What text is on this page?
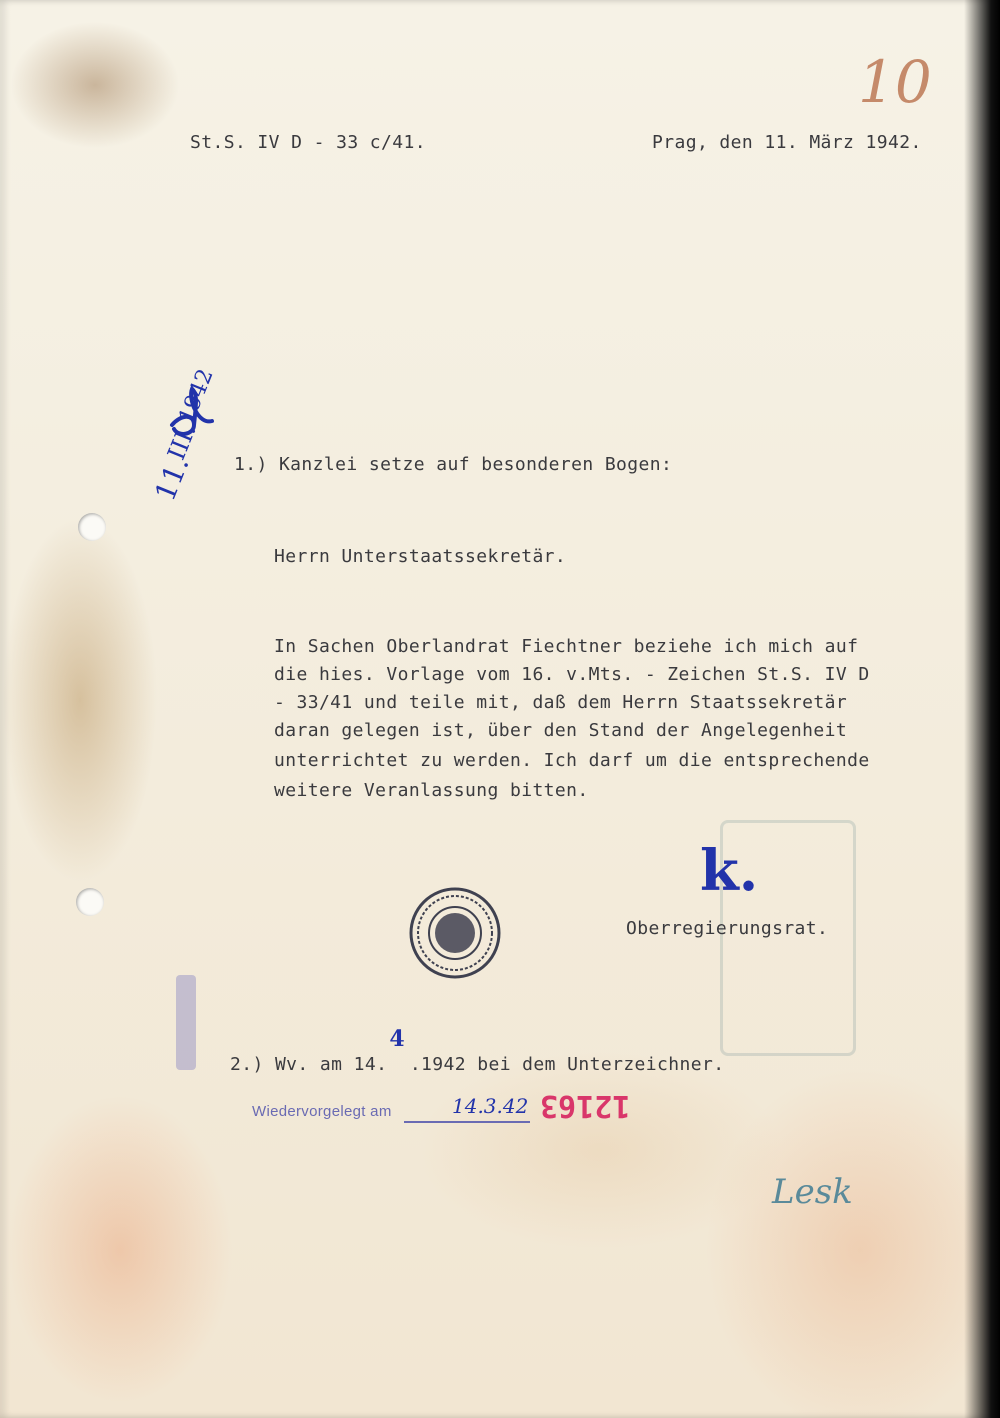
10
St.S. IV D - 33 c/41.	Prag, den 11. März 1942.
1942
III.
11. 1.) Kanzlei setze auf besonderen Bogen:
Herrn Unterstaatssekretär.
In Sachen Oberlandrat Fiechtner beziehe ich mich auf
die hies. Vorlage vom 16. v.Mts. - Zeichen St.S. IV D
- 33/41 und teile mit, daß dem Herrn Staatssekretär
daran gelegen ist, über den Stand der Angelegenheit
unterrichtet zu werden. Ich darf um die entsprechende
weitere Veranlassung bitten.
k.
Oberregierungsrat.
2.) Wv. am 14.
4
.1942 bei dem Unterzeichner.
Wiedervorgelegt am	14.3.42 12163
Lesk
